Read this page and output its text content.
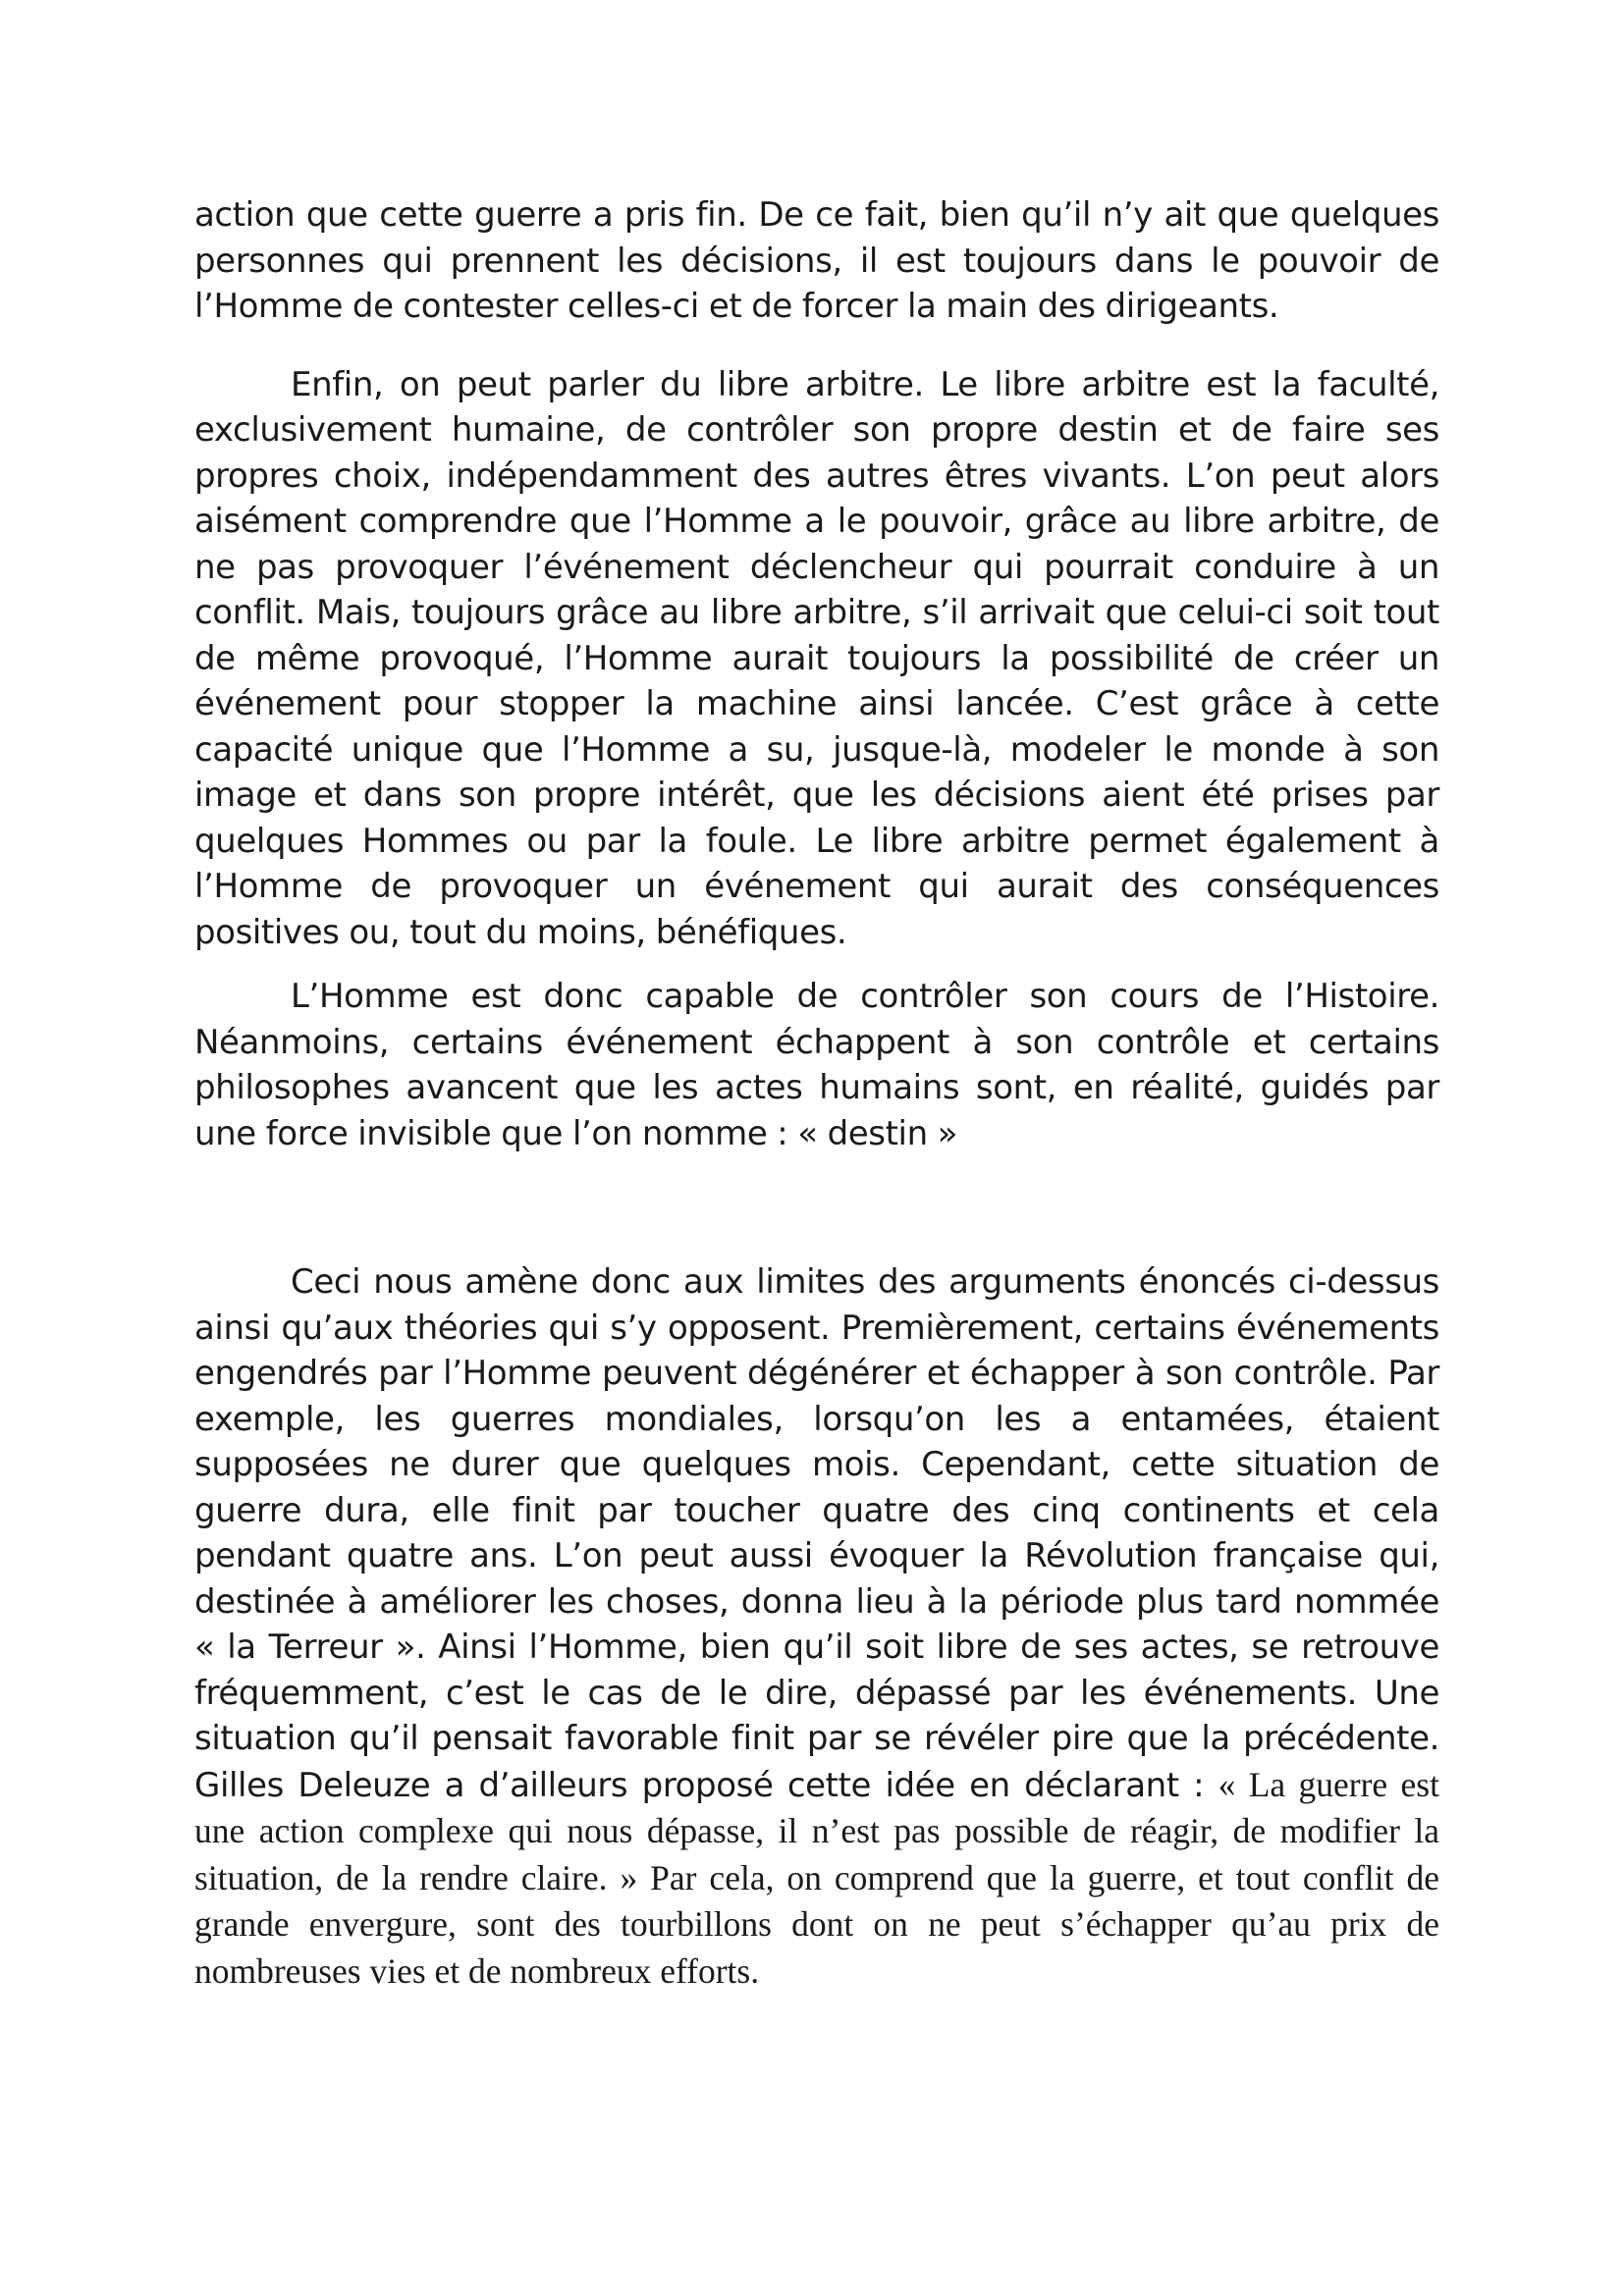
action que cette guerre a pris fin. De ce fait, bien qu’il n’y ait que quelques personnes qui prennent les décisions, il est toujours dans le pouvoir de l’Homme de contester celles-ci et de forcer la main des dirigeants.

Enfin, on peut parler du libre arbitre. Le libre arbitre est la faculté, exclusivement humaine, de contrôler son propre destin et de faire ses propres choix, indépendamment des autres êtres vivants. L’on peut alors aisément comprendre que l’Homme a le pouvoir, grâce au libre arbitre, de ne pas provoquer l’événement déclencheur qui pourrait conduire à un conflit. Mais, toujours grâce au libre arbitre, s’il arrivait que celui-ci soit tout de même provoqué, l’Homme aurait toujours la possibilité de créer un événement pour stopper la machine ainsi lancée. C’est grâce à cette capacité unique que l’Homme a su, jusque-là, modeler le monde à son image et dans son propre intérêt, que les décisions aient été prises par quelques Hommes ou par la foule. Le libre arbitre permet également à l’Homme de provoquer un événement qui aurait des conséquences positives ou, tout du moins, bénéfiques.

L’Homme est donc capable de contrôler son cours de l’Histoire. Néanmoins, certains événement échappent à son contrôle et certains philosophes avancent que les actes humains sont, en réalité, guidés par une force invisible que l’on nomme : « destin »

Ceci nous amène donc aux limites des arguments énoncés ci-dessus ainsi qu’aux théories qui s’y opposent. Premièrement, certains événements engendrés par l’Homme peuvent dégénérer et échapper à son contrôle. Par exemple, les guerres mondiales, lorsqu’on les a entamées, étaient supposées ne durer que quelques mois. Cependant, cette situation de guerre dura, elle finit par toucher quatre des cinq continents et cela pendant quatre ans. L’on peut aussi évoquer la Révolution française qui, destinée à améliorer les choses, donna lieu à la période plus tard nommée « la Terreur ». Ainsi l’Homme, bien qu’il soit libre de ses actes, se retrouve fréquemment, c’est le cas de le dire, dépassé par les événements. Une situation qu’il pensait favorable finit par se révéler pire que la précédente. Gilles Deleuze a d’ailleurs proposé cette idée en déclarant : « La guerre est une action complexe qui nous dépasse, il n’est pas possible de réagir, de modifier la situation, de la rendre claire. » Par cela, on comprend que la guerre, et tout conflit de grande envergure, sont des tourbillons dont on ne peut s’échapper qu’au prix de nombreuses vies et de nombreux efforts.
